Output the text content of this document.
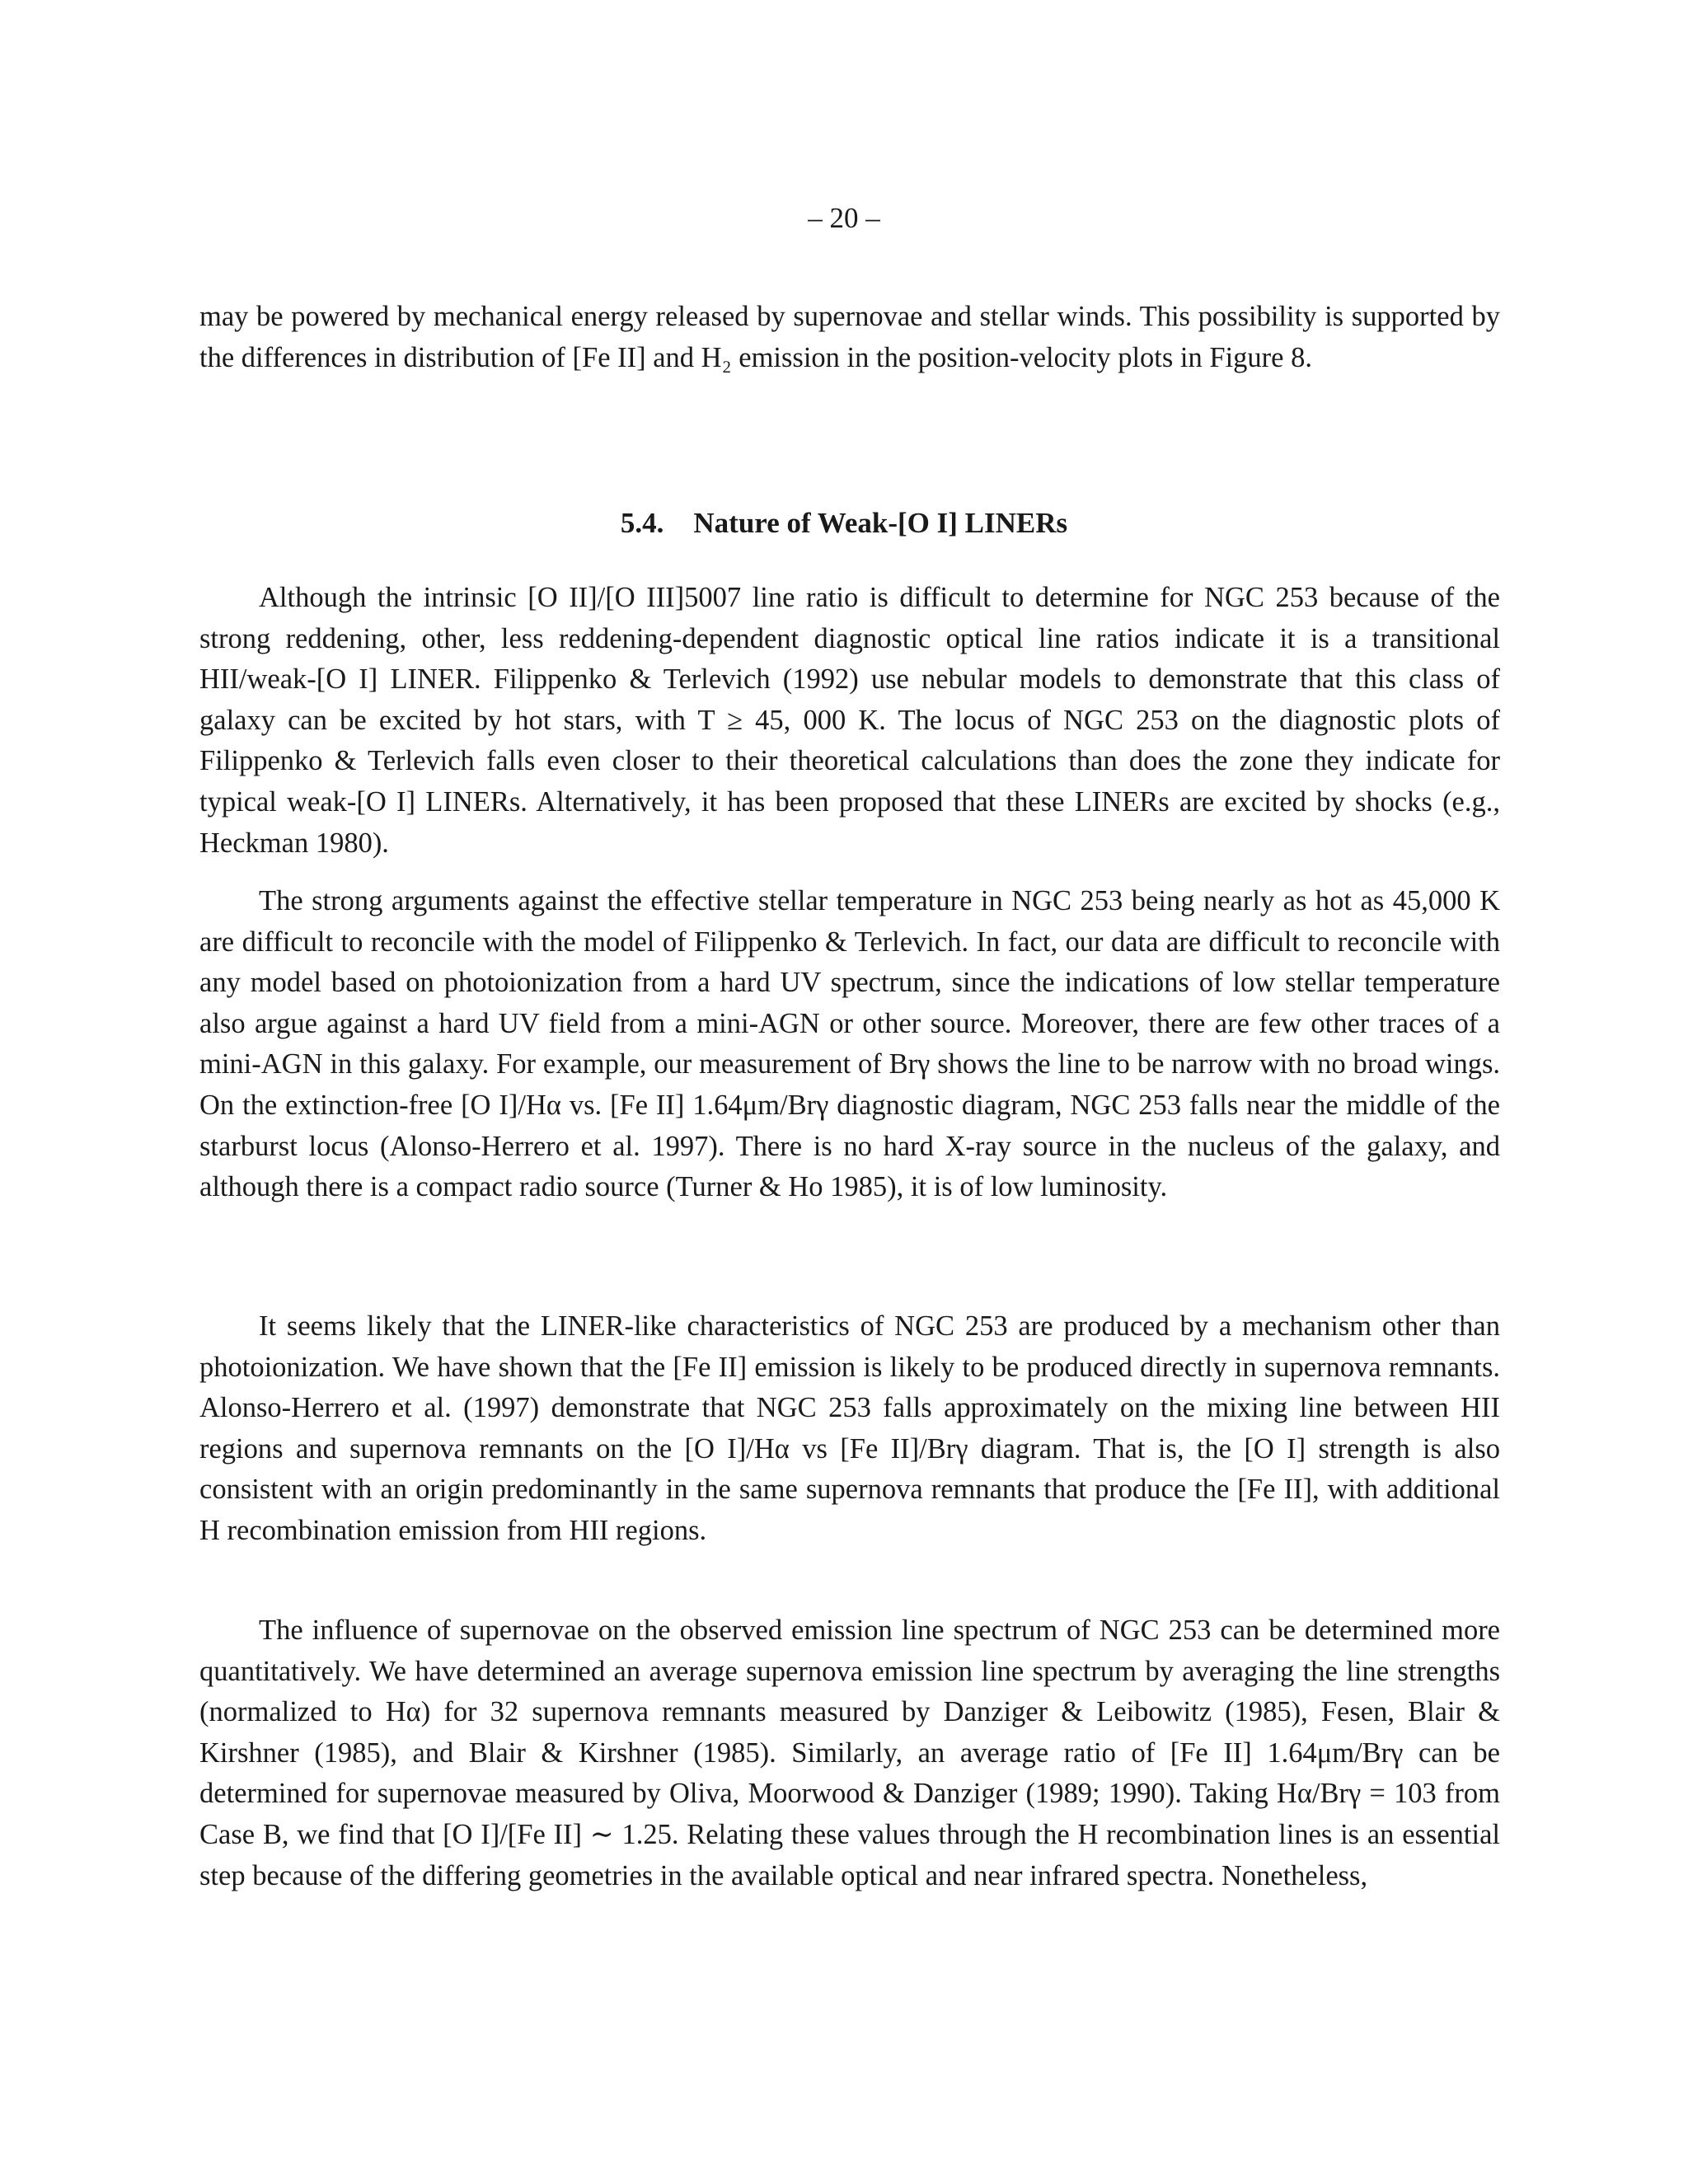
– 20 –

may be powered by mechanical energy released by supernovae and stellar winds. This possibility is supported by the differences in distribution of [Fe II] and H₂ emission in the position-velocity plots in Figure 8.

5.4. Nature of Weak-[O I] LINERs

Although the intrinsic [O II]/[O III]5007 line ratio is difficult to determine for NGC 253 because of the strong reddening, other, less reddening-dependent diagnostic optical line ratios indicate it is a transitional HII/weak-[O I] LINER. Filippenko & Terlevich (1992) use nebular models to demonstrate that this class of galaxy can be excited by hot stars, with T ≥ 45, 000 K. The locus of NGC 253 on the diagnostic plots of Filippenko & Terlevich falls even closer to their theoretical calculations than does the zone they indicate for typical weak-[O I] LINERs. Alternatively, it has been proposed that these LINERs are excited by shocks (e.g., Heckman 1980).

The strong arguments against the effective stellar temperature in NGC 253 being nearly as hot as 45,000 K are difficult to reconcile with the model of Filippenko & Terlevich. In fact, our data are difficult to reconcile with any model based on photoionization from a hard UV spectrum, since the indications of low stellar temperature also argue against a hard UV field from a mini-AGN or other source. Moreover, there are few other traces of a mini-AGN in this galaxy. For example, our measurement of Brγ shows the line to be narrow with no broad wings. On the extinction-free [O I]/Hα vs. [Fe II] 1.64μm/Brγ diagnostic diagram, NGC 253 falls near the middle of the starburst locus (Alonso-Herrero et al. 1997). There is no hard X-ray source in the nucleus of the galaxy, and although there is a compact radio source (Turner & Ho 1985), it is of low luminosity.

It seems likely that the LINER-like characteristics of NGC 253 are produced by a mechanism other than photoionization. We have shown that the [Fe II] emission is likely to be produced directly in supernova remnants. Alonso-Herrero et al. (1997) demonstrate that NGC 253 falls approximately on the mixing line between HII regions and supernova remnants on the [O I]/Hα vs [Fe II]/Brγ diagram. That is, the [O I] strength is also consistent with an origin predominantly in the same supernova remnants that produce the [Fe II], with additional H recombination emission from HII regions.

The influence of supernovae on the observed emission line spectrum of NGC 253 can be determined more quantitatively. We have determined an average supernova emission line spectrum by averaging the line strengths (normalized to Hα) for 32 supernova remnants measured by Danziger & Leibowitz (1985), Fesen, Blair & Kirshner (1985), and Blair & Kirshner (1985). Similarly, an average ratio of [Fe II] 1.64μm/Brγ can be determined for supernovae measured by Oliva, Moorwood & Danziger (1989; 1990). Taking Hα/Brγ = 103 from Case B, we find that [O I]/[Fe II] ∼ 1.25. Relating these values through the H recombination lines is an essential step because of the differing geometries in the available optical and near infrared spectra. Nonetheless,
